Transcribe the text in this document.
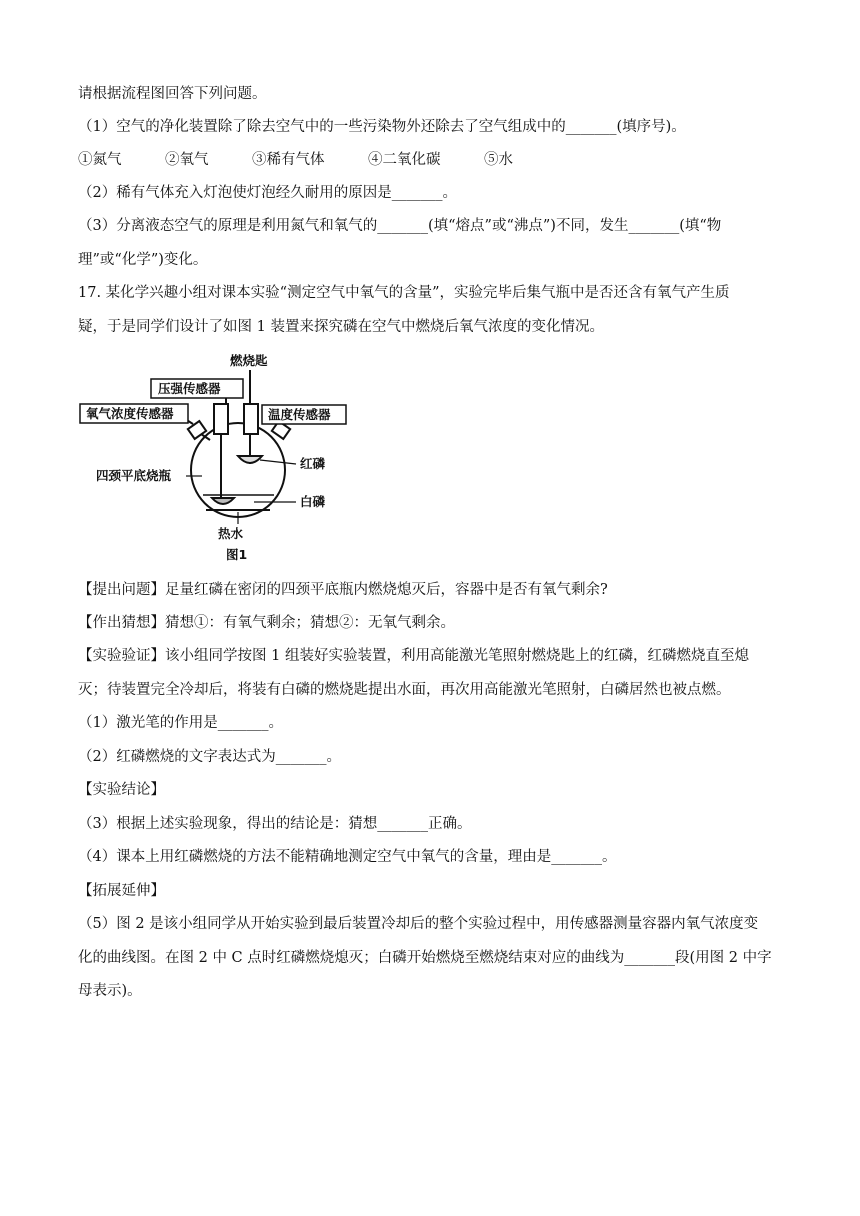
请根据流程图回答下列问题。
（1）空气的净化装置除了除去空气中的一些污染物外还除去了空气组成中的_______(填序号)。
①氮气　　　②氧气　　　③稀有气体　　　④二氧化碳　　　⑤水
（2）稀有气体充入灯泡使灯泡经久耐用的原因是_______。
（3）分离液态空气的原理是利用氮气和氧气的_______(填“熔点”或“沸点”)不同，发生_______(填“物
理”或“化学”)变化。
17. 某化学兴趣小组对课本实验“测定空气中氧气的含量”，实验完毕后集气瓶中是否还含有氧气产生质
疑，于是同学们设计了如图 1 装置来探究磷在空气中燃烧后氧气浓度的变化情况。
燃烧匙
压强传感器
氧气浓度传感器	温度传感器
红磷
四颈平底烧瓶
白磷
热水
图1
【提出问题】足量红磷在密闭的四颈平底瓶内燃烧熄灭后，容器中是否有氧气剩余?
【作出猜想】猜想①：有氧气剩余；猜想②：无氧气剩余。
【实验验证】该小组同学按图 1 组装好实验装置，利用高能激光笔照射燃烧匙上的红磷，红磷燃烧直至熄
灭；待装置完全冷却后，将装有白磷的燃烧匙提出水面，再次用高能激光笔照射，白磷居然也被点燃。
（1）激光笔的作用是_______。
（2）红磷燃烧的文字表达式为_______。
【实验结论】
（3）根据上述实验现象，得出的结论是：猜想_______正确。
（4）课本上用红磷燃烧的方法不能精确地测定空气中氧气的含量，理由是_______。
【拓展延伸】
（5）图 2 是该小组同学从开始实验到最后装置冷却后的整个实验过程中，用传感器测量容器内氧气浓度变
化的曲线图。在图 2 中 C 点时红磷燃烧熄灭；白磷开始燃烧至燃烧结束对应的曲线为_______段(用图 2 中字
母表示)。
